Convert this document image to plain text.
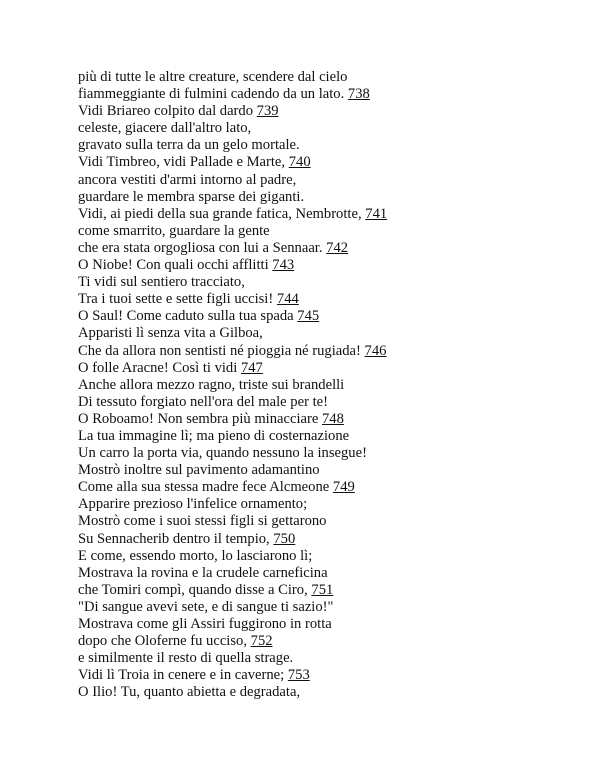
più di tutte le altre creature, scendere dal cielo

fiammeggiante di fulmini cadendo da un lato. 738

Vidi Briareo colpito dal dardo 739

celeste, giacere dall'altro lato,

gravato sulla terra da un gelo mortale.

Vidi Timbreo, vidi Pallade e Marte, 740

ancora vestiti d'armi intorno al padre,

guardare le membra sparse dei giganti.

Vidi, ai piedi della sua grande fatica, Nembrotte, 741

come smarrito, guardare la gente

che era stata orgogliosa con lui a Sennaar. 742

O Niobe! Con quali occhi afflitti 743

Ti vidi sul sentiero tracciato,

Tra i tuoi sette e sette figli uccisi! 744

O Saul! Come caduto sulla tua spada 745

Apparisti lì senza vita a Gilboa,

Che da allora non sentisti né pioggia né rugiada! 746

O folle Aracne! Così ti vidi 747

Anche allora mezzo ragno, triste sui brandelli

Di tessuto forgiato nell'ora del male per te!

O Roboamo! Non sembra più minacciare 748

La tua immagine lì; ma pieno di costernazione

Un carro la porta via, quando nessuno la insegue!

Mostrò inoltre sul pavimento adamantino

Come alla sua stessa madre fece Alcmeone 749

Apparire prezioso l'infelice ornamento;

Mostrò come i suoi stessi figli si gettarono

Su Sennacherib dentro il tempio, 750

E come, essendo morto, lo lasciarono lì;

Mostrava la rovina e la crudele carneficina

che Tomiri compì, quando disse a Ciro, 751

"Di sangue avevi sete, e di sangue ti sazio!"

Mostrava come gli Assiri fuggirono in rotta

dopo che Oloferne fu ucciso, 752

e similmente il resto di quella strage.

Vidi lì Troia in cenere e in caverne; 753

O Ilio! Tu, quanto abietta e degradata,
